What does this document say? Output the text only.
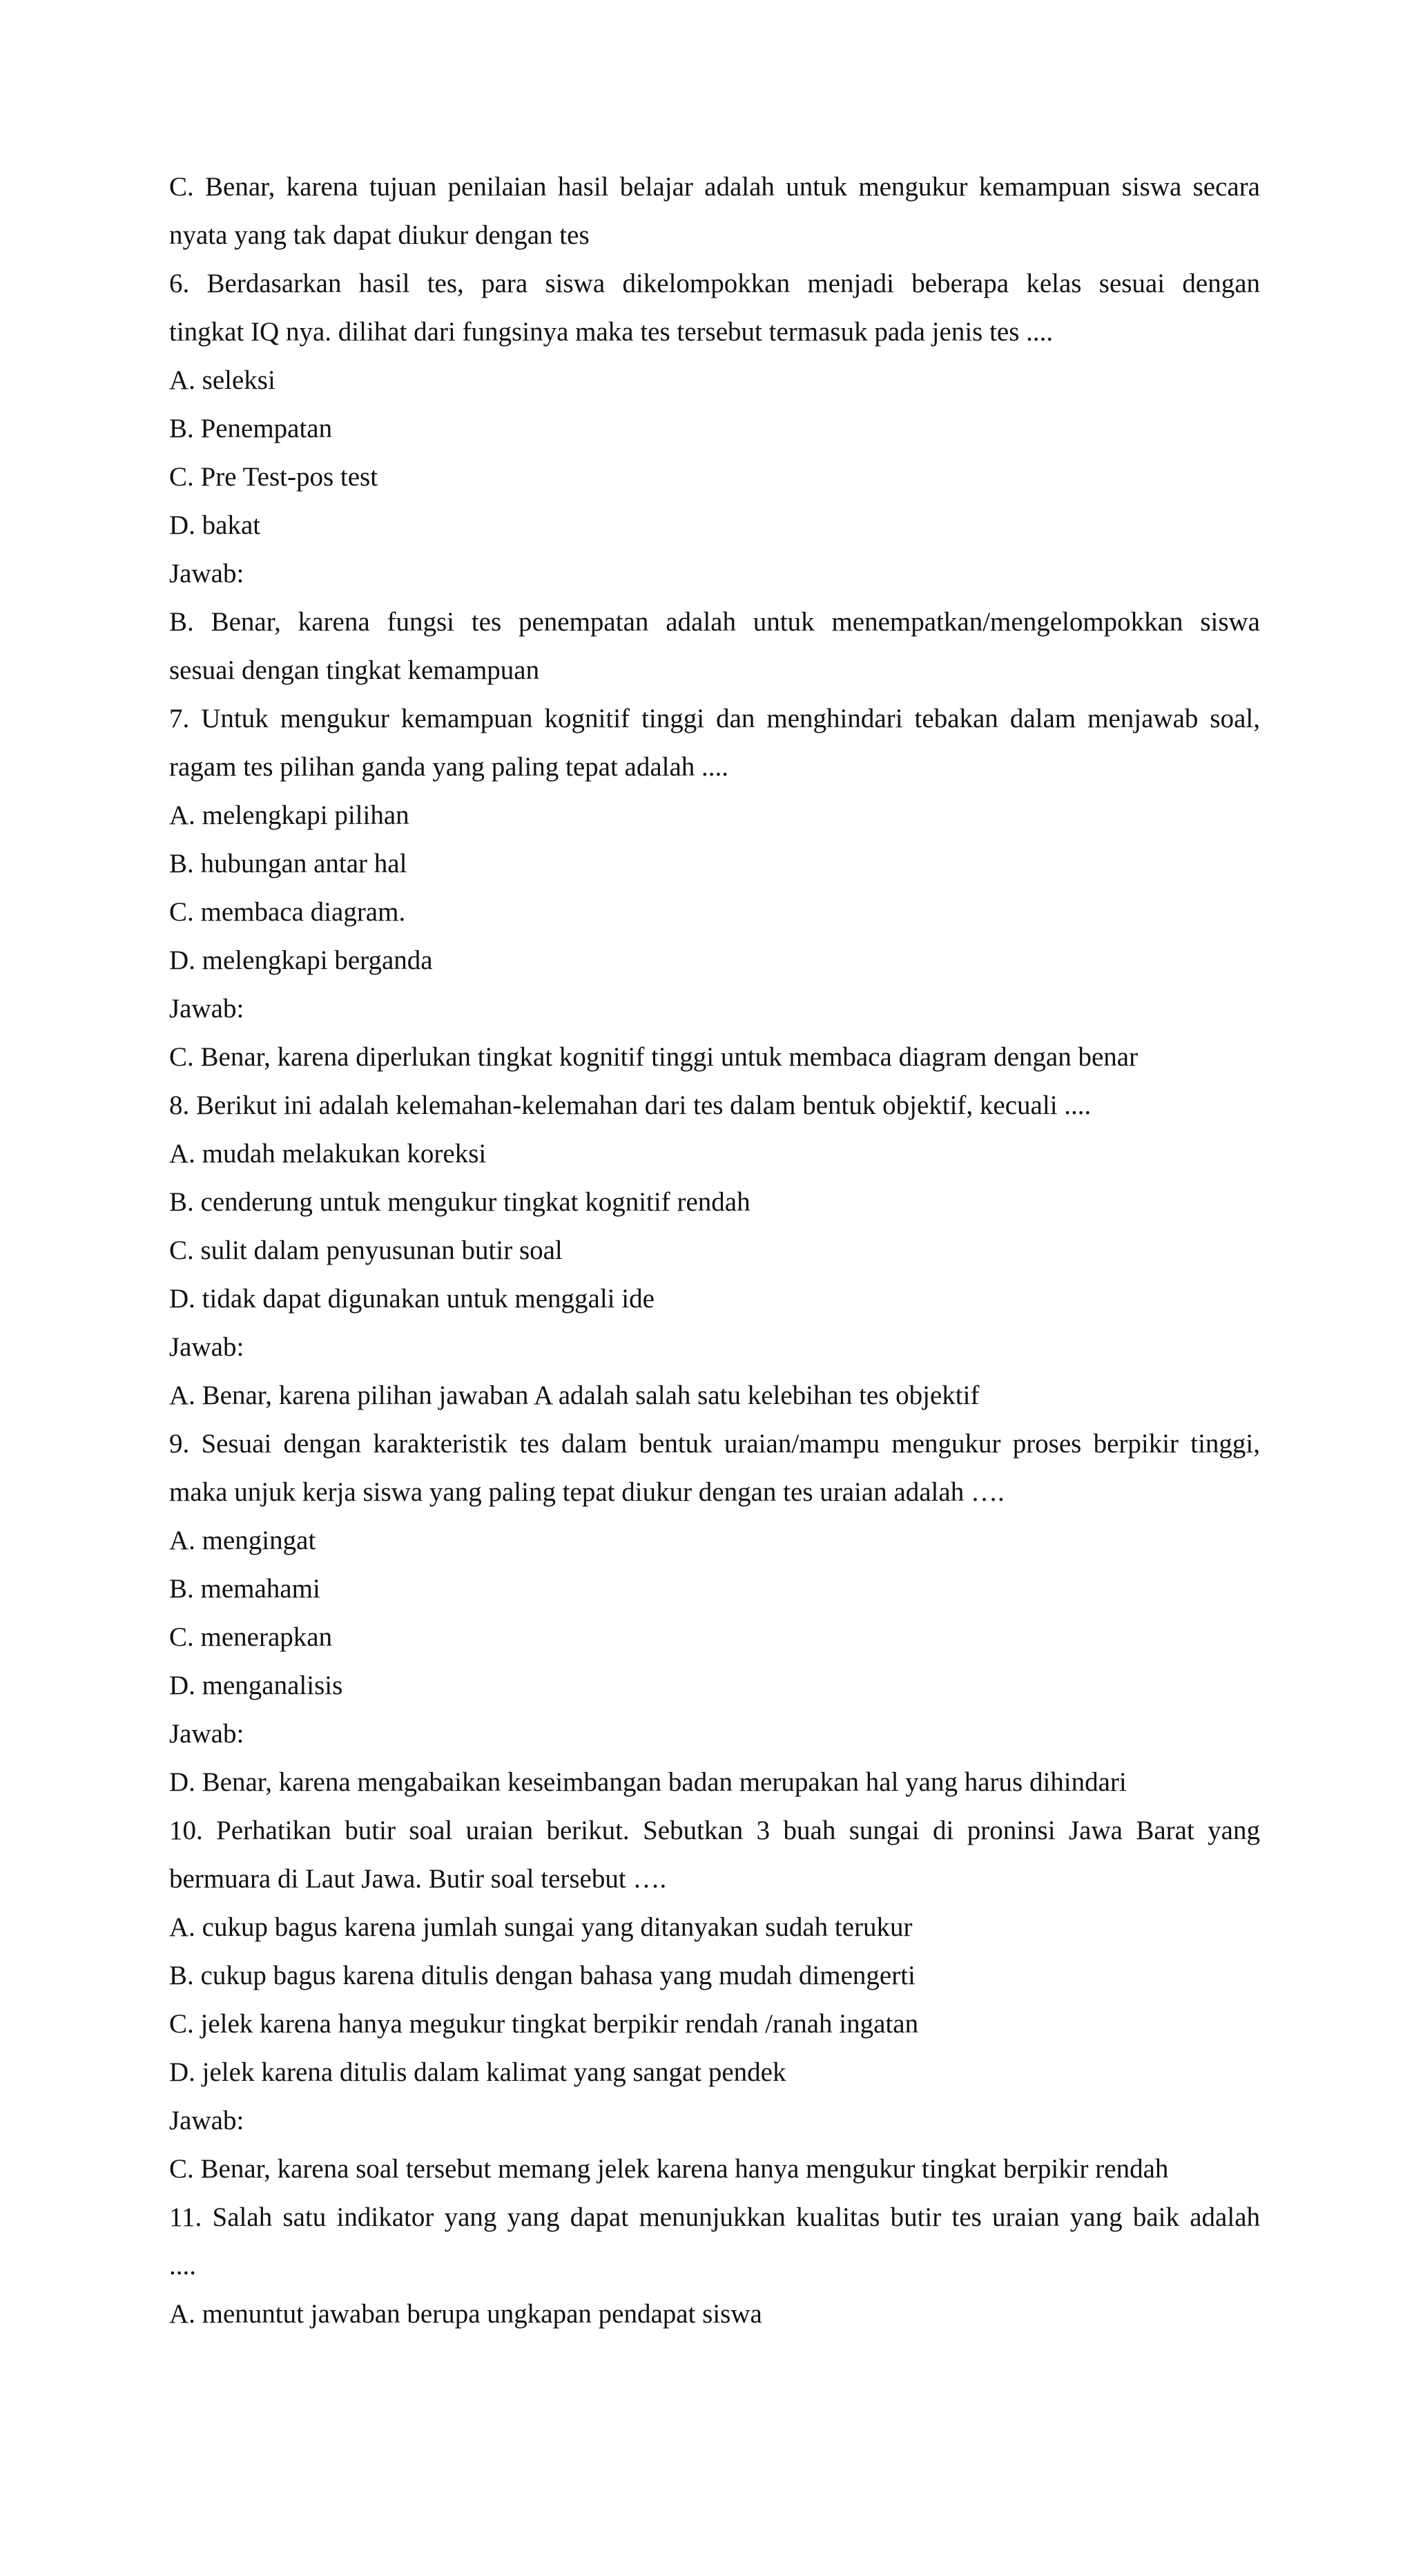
C. Benar, karena tujuan penilaian hasil belajar adalah untuk mengukur kemampuan siswa secara
nyata yang tak dapat diukur dengan tes
6. Berdasarkan hasil tes, para siswa dikelompokkan menjadi beberapa kelas sesuai dengan
tingkat IQ nya. dilihat dari fungsinya maka tes tersebut termasuk pada jenis tes ....
A. seleksi
B. Penempatan
C. Pre Test-pos test
D. bakat
Jawab:
B. Benar, karena fungsi tes penempatan adalah untuk menempatkan/mengelompokkan siswa
sesuai dengan tingkat kemampuan
7. Untuk mengukur kemampuan kognitif tinggi dan menghindari tebakan dalam menjawab soal,
ragam tes pilihan ganda yang paling tepat adalah ....
A. melengkapi pilihan
B. hubungan antar hal
C. membaca diagram.
D. melengkapi berganda
Jawab:
C. Benar, karena diperlukan tingkat kognitif tinggi untuk membaca diagram dengan benar
8. Berikut ini adalah kelemahan-kelemahan dari tes dalam bentuk objektif, kecuali ....
A. mudah melakukan koreksi
B. cenderung untuk mengukur tingkat kognitif rendah
C. sulit dalam penyusunan butir soal
D. tidak dapat digunakan untuk menggali ide
Jawab:
A. Benar, karena pilihan jawaban A adalah salah satu kelebihan tes objektif
9. Sesuai dengan karakteristik tes dalam bentuk uraian/mampu mengukur proses berpikir tinggi,
maka unjuk kerja siswa yang paling tepat diukur dengan tes uraian adalah ….
A. mengingat
B. memahami
C. menerapkan
D. menganalisis
Jawab:
D. Benar, karena mengabaikan keseimbangan badan merupakan hal yang harus dihindari
10. Perhatikan butir soal uraian berikut. Sebutkan 3 buah sungai di proninsi Jawa Barat yang
bermuara di Laut Jawa. Butir soal tersebut ….
A. cukup bagus karena jumlah sungai yang ditanyakan sudah terukur
B. cukup bagus karena ditulis dengan bahasa yang mudah dimengerti
C. jelek karena hanya megukur tingkat berpikir rendah /ranah ingatan
D. jelek karena ditulis dalam kalimat yang sangat pendek
Jawab:
C. Benar, karena soal tersebut memang jelek karena hanya mengukur tingkat berpikir rendah
11. Salah satu indikator yang yang dapat menunjukkan kualitas butir tes uraian yang baik adalah
....
A. menuntut jawaban berupa ungkapan pendapat siswa
